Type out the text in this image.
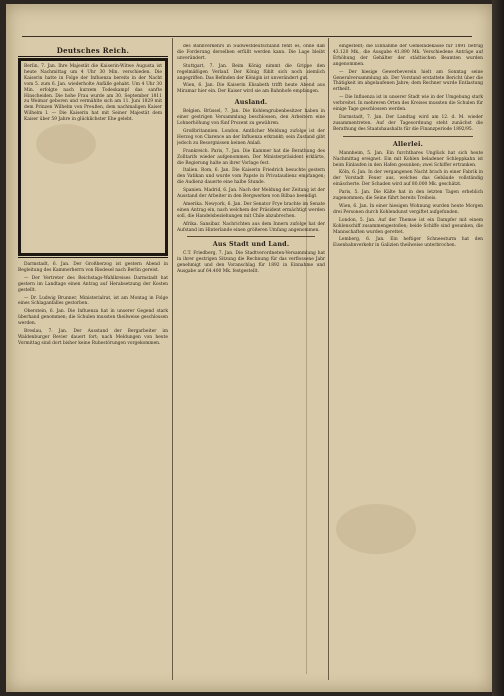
Deutsches Reich.

Berlin, 7. Jan. Ihre Majestät die Kaiserin-Witwe Augusta ist heute Nachmittag um 4 Uhr 30 Min. verschieden. Die Kaiserin hatte in Folge der Influenza bereits in der Nacht vom 5. zum 6. Jan. wiederholte Anfälle gehabt. Um 4 Uhr 30 Min. erfolgte nach kurzem Todeskampf das sanfte Hinscheiden. Die hohe Frau wurde am 30. September 1811 zu Weimar geboren und vermählte sich am 11. Juni 1829 mit dem Prinzen Wilhelm von Preußen, dem nachmaligen Kaiser Wilhelm I. — Die Kaiserin hat mit Seiner Majestät dem Kaiser über 59 Jahre in glücklichster Ehe gelebt.

Darmstadt, 6. Jan. Der Großherzog ist gestern Abend in Begleitung des Kammerherrn von Riedesel nach Berlin gereist.

— Der Vertreter des Reichstags-Wahlkreises Darmstadt hat gestern im Landtage einen Antrag auf Herabsetzung der Kosten gestellt.

— Dr. Ludwig Brunner, Ministerialrat, ist am Montag in Folge eines Schlaganfalles gestorben.

Oberstein, 6. Jan. Die Influenza hat in unserer Gegend stark überhand genommen; die Schulen mussten theilweise geschlossen werden.

Breslau, 7. Jan. Der Ausstand der Bergarbeiter im Waldenburger Revier dauert fort; nach Meldungen von heute Vormittag sind dort bisher keine Ruhestörungen vorgekommen.

des Bahnverkehrs in Südwestdeutschland fehlt es, ohne daß die Forderung derselben erfüllt werden kann. Die Lage bleibt unverändert.

Stuttgart, 7. Jan. Beim König nimmt die Grippe den regelmäßigen Verlauf. Der König fühlt sich noch ziemlich angegriffen. Das Befinden der Königin ist unverändert gut.

Wien, 6. Jan. Die Kaiserin Elisabeth trifft heute Abend aus Miramar hier ein. Der Kaiser wird sie am Bahnhofe empfangen.

Ausland.

Belgien. Brüssel, 7. Jan. Die Kohlengrubenbesitzer haben in einer gestrigen Versammlung beschlossen, den Arbeitern eine Lohnerhöhung von fünf Prozent zu gewähren.

Großbritannien. London. Amtlicher Meldung zufolge ist der Herzog von Clarence an der Influenza erkrankt; sein Zustand gibt jedoch zu Besorgnissen keinen Anlaß.

Frankreich. Paris, 7. Jan. Die Kammer hat die Berathung des Zolltarifs wieder aufgenommen. Der Ministerpräsident erklärte, die Regierung halte an ihrer Vorlage fest.

Italien. Rom, 6. Jan. Die Kaiserin Friedrich besuchte gestern den Vatikan und wurde vom Papste in Privataudienz empfangen; die Audienz dauerte eine halbe Stunde.

Spanien. Madrid, 6. Jan. Nach der Meldung der Zeitung ist der Ausstand der Arbeiter in den Bergwerken von Bilbao beendigt.

Amerika. Newyork, 6. Jan. Der Senator Frye brachte im Senate einen Antrag ein, nach welchem der Präsident ermächtigt werden soll, die Handelsbeziehungen mit Chile abzubrechen.

Afrika. Sansibar. Nachrichten aus dem Innern zufolge hat der Aufstand im Hinterlande einen größeren Umfang angenommen.

Aus Stadt und Land.

C.T. Friedberg, 7. Jan. Die Stadtverordneten-Versammlung hat in ihrer gestrigen Sitzung die Rechnung für das verflossene Jahr genehmigt und den Voranschlag für 1892 in Einnahme und Ausgabe auf 64.400 Mk. festgestellt.

eingestellt; die Einnahme der Gemeindekasse für 1891 betrug 43.120 Mk., die Ausgabe 41.890 Mk. Verschiedene Anträge auf Erhöhung der Gehälter der städtischen Beamten wurden angenommen.

— Der hiesige Gewerbeverein hielt am Sonntag seine Generalversammlung ab. Der Vorstand erstattete Bericht über die Thätigkeit im abgelaufenen Jahre; dem Rechner wurde Entlastung ertheilt.

— Die Influenza ist in unserer Stadt wie in der Umgebung stark verbreitet. In mehreren Orten des Kreises mussten die Schulen für einige Tage geschlossen werden.

Darmstadt, 7. Jan. Der Landtag wird am 12. d. M. wieder zusammentreten. Auf der Tagesordnung steht zunächst die Berathung des Staatshaushalts für die Finanzperiode 1892/95.

Allerlei.

Mannheim, 5. Jan. Ein furchtbares Unglück hat sich heute Nachmittag ereignet. Ein mit Kohlen beladener Schleppkahn ist beim Einlaufen in den Hafen gesunken; zwei Schiffer ertranken.

Köln, 6. Jan. In der vergangenen Nacht brach in einer Fabrik in der Vorstadt Feuer aus, welches das Gebäude vollständig einäscherte. Der Schaden wird auf 80.000 Mk. geschätzt.

Paris, 5. Jan. Die Kälte hat in den letzten Tagen erheblich zugenommen; die Seine führt bereits Treibeis.

Wien, 6. Jan. In einer hiesigen Wohnung wurden heute Morgen drei Personen durch Kohlendunst vergiftet aufgefunden.

London, 5. Jan. Auf der Themse ist ein Dampfer mit einem Kohlenschiff zusammengestoßen; beide Schiffe sind gesunken, die Mannschaften wurden gerettet.

Lemberg, 6. Jan. Ein heftiger Schneesturm hat den Eisenbahnverkehr in Galizien theilweise unterbrochen.
